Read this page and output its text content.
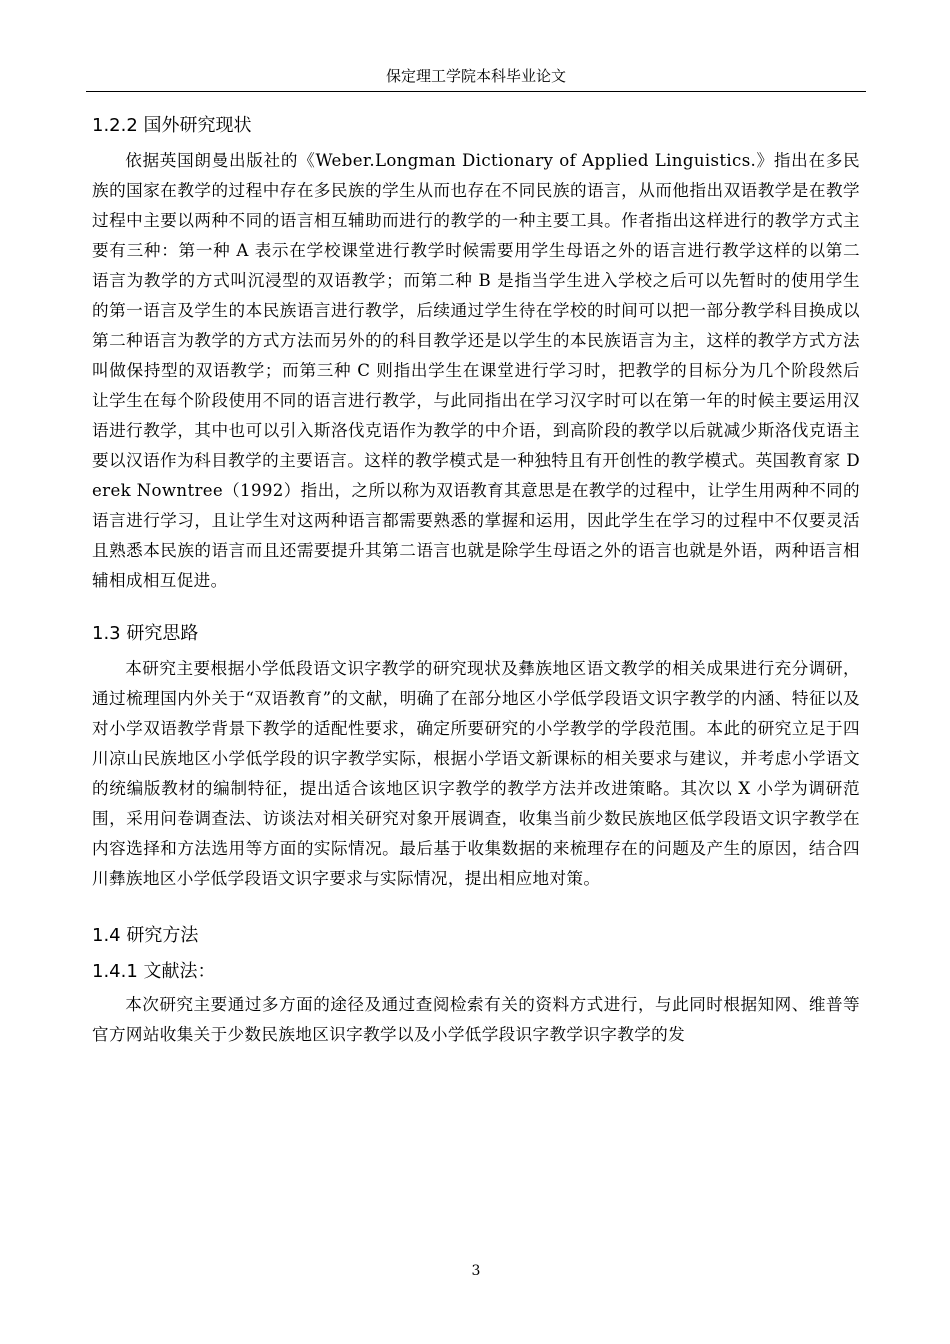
保定理工学院本科毕业论文
1.2.2 国外研究现状

依据英国朗曼出版社的《Weber.Longman Dictionary of Applied Linguistics.》指出在多民族的国家在教学的过程中存在多民族的学生从而也存在不同民族的语言，从而他指出双语教学是在教学过程中主要以两种不同的语言相互辅助而进行的教学的一种主要工具。作者指出这样进行的教学方式主要有三种：第一种 A 表示在学校课堂进行教学时候需要用学生母语之外的语言进行教学这样的以第二语言为教学的方式叫沉浸型的双语教学；而第二种 B 是指当学生进入学校之后可以先暂时的使用学生的第一语言及学生的本民族语言进行教学，后续通过学生待在学校的时间可以把一部分教学科目换成以第二种语言为教学的方式方法而另外的的科目教学还是以学生的本民族语言为主，这样的教学方式方法叫做保持型的双语教学；而第三种 C 则指出学生在课堂进行学习时，把教学的目标分为几个阶段然后让学生在每个阶段使用不同的语言进行教学，与此同指出在学习汉字时可以在第一年的时候主要运用汉语进行教学，其中也可以引入斯洛伐克语作为教学的中介语，到高阶段的教学以后就减少斯洛伐克语主要以汉语作为科目教学的主要语言。这样的教学模式是一种独特且有开创性的教学模式。英国教育家 Derek Nowntree（1992）指出，之所以称为双语教育其意思是在教学的过程中，让学生用两种不同的语言进行学习，且让学生对这两种语言都需要熟悉的掌握和运用，因此学生在学习的过程中不仅要灵活且熟悉本民族的语言而且还需要提升其第二语言也就是除学生母语之外的语言也就是外语，两种语言相辅相成相互促进。

1.3 研究思路

本研究主要根据小学低段语文识字教学的研究现状及彝族地区语文教学的相关成果进行充分调研，通过梳理国内外关于“双语教育”的文献，明确了在部分地区小学低学段语文识字教学的内涵、特征以及对小学双语教学背景下教学的适配性要求，确定所要研究的小学教学的学段范围。本此的研究立足于四川凉山民族地区小学低学段的识字教学实际，根据小学语文新课标的相关要求与建议，并考虑小学语文的统编版教材的编制特征，提出适合该地区识字教学的教学方法并改进策略。其次以 X 小学为调研范围，采用问卷调查法、访谈法对相关研究对象开展调查，收集当前少数民族地区低学段语文识字教学在内容选择和方法选用等方面的实际情况。最后基于收集数据的来梳理存在的问题及产生的原因，结合四川彝族地区小学低学段语文识字要求与实际情况，提出相应地对策。

1.4 研究方法
1.4.1 文献法：

本次研究主要通过多方面的途径及通过查阅检索有关的资料方式进行，与此同时根据知网、维普等官方网站收集关于少数民族地区识字教学以及小学低学段识字教学识字教学的发

3
